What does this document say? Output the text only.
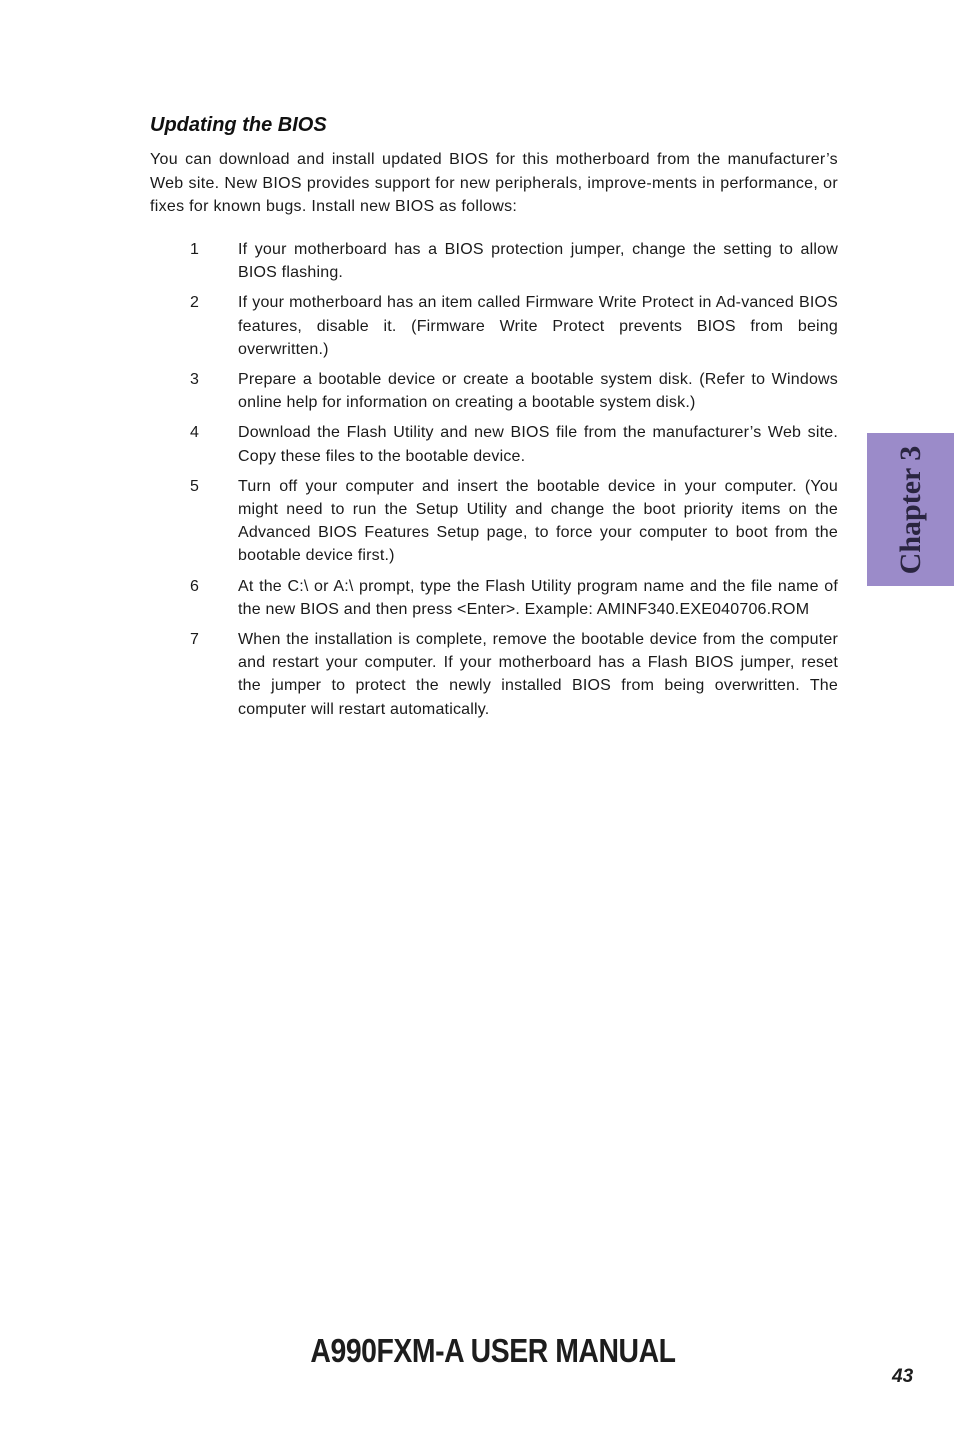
Updating the BIOS

You can download and install updated BIOS for this motherboard from the manufacturer’s Web site. New BIOS provides support for new peripherals, improve-ments in performance, or fixes for known bugs. Install new BIOS as follows:

1 If your motherboard has a BIOS protection jumper, change the setting to allow BIOS flashing.
2 If your motherboard has an item called Firmware Write Protect in Ad-vanced BIOS features, disable it. (Firmware Write Protect prevents BIOS from being overwritten.)
3 Prepare a bootable device or create a bootable system disk. (Refer to Windows online help for information on creating a bootable system disk.)
4 Download the Flash Utility and new BIOS file from the manufacturer’s Web site. Copy these files to the bootable device.
5 Turn off your computer and insert the bootable device in your computer. (You might need to run the Setup Utility and change the boot priority items on the Advanced BIOS Features Setup page, to force your computer to boot from the bootable device first.)
6 At the C:\ or A:\ prompt, type the Flash Utility program name and the file name of the new BIOS and then press <Enter>. Example: AMINF340.EXE040706.ROM
7 When the installation is complete, remove the bootable device from the computer and restart your computer. If your motherboard has a Flash BIOS jumper, reset the jumper to protect the newly installed BIOS from being overwritten. The computer will restart automatically.
Chapter 3
A990FXM-A USER MANUAL
43
